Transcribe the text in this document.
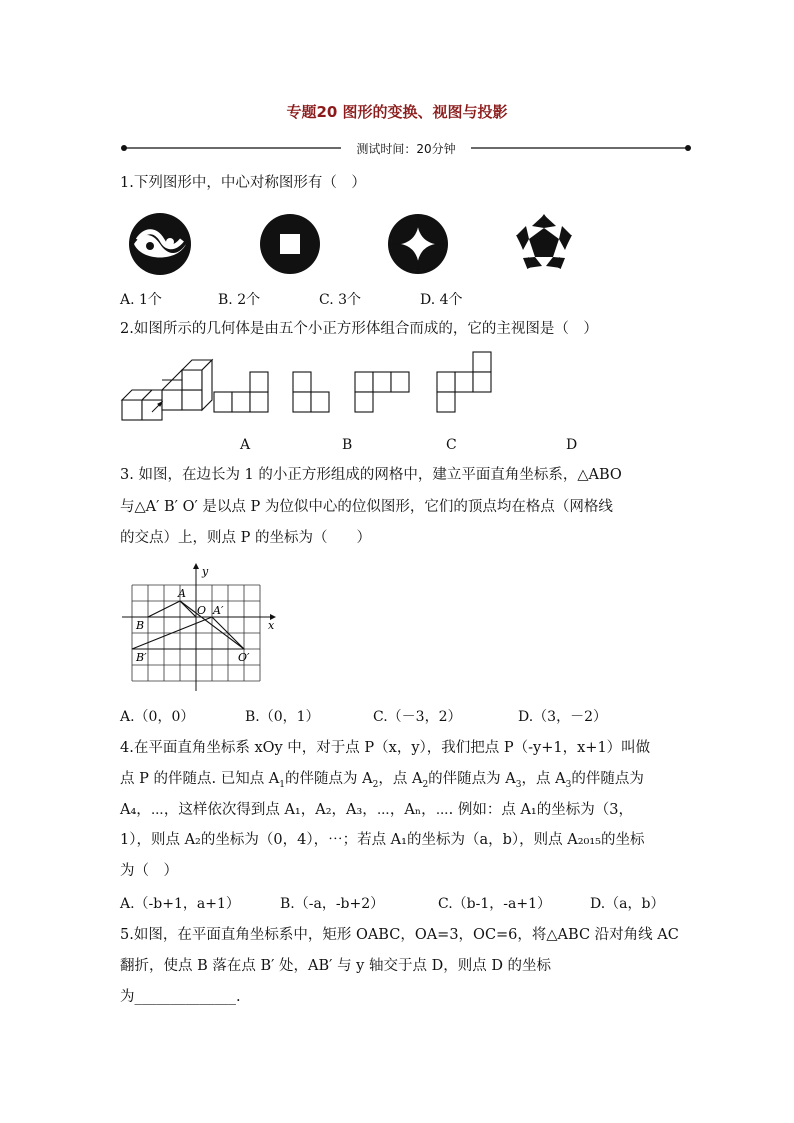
专题20 图形的变换、视图与投影
测试时间：20分钟
1.下列图形中，中心对称图形有（　）
A. 1个	B. 2个	C. 3个	D. 4个
2.如图所示的几何体是由五个小正方形体组合而成的，它的主视图是（　）
A	B	C	D
3. 如图，在边长为 1 的小正方形组成的网格中，建立平面直角坐标系，△ABO
与△A′ B′ O′ 是以点 P 为位似中心的位似图形，它们的顶点均在格点（网格线
的交点）上，则点 P 的坐标为（　　）
x
y
A
O A′
B
B′	O′
A.（0，0）	B.（0，1）	C.（－3，2）	D.（3，－2）
4.在平面直角坐标系 xOy 中，对于点 P（x，y），我们把点 P（-y+1，x+1）叫做
点 P 的伴随点. 已知点 $A_1$的伴随点为 $A_2$，点 $A_2$的伴随点为 $A_3$，点 $A_3$的伴随点为
A₄，⋯，这样依次得到点 A₁，A₂，A₃，⋯，Aₙ，⋯. 例如：点 A₁的坐标为（3，
1），则点 A₂的坐标为（0，4），⋯；若点 A₁的坐标为（a，b），则点 A₂₀₁₅的坐标
为（　）
A.（-b+1，a+1）	B.（-a，-b+2）	C.（b-1，-a+1）	D.（a，b）
5.如图，在平面直角坐标系中，矩形 OABC，OA=3，OC=6，将△ABC 沿对角线 AC
翻折，使点 B 落在点 B′ 处，AB′ 与 y 轴交于点 D，则点 D 的坐标
为______________.
